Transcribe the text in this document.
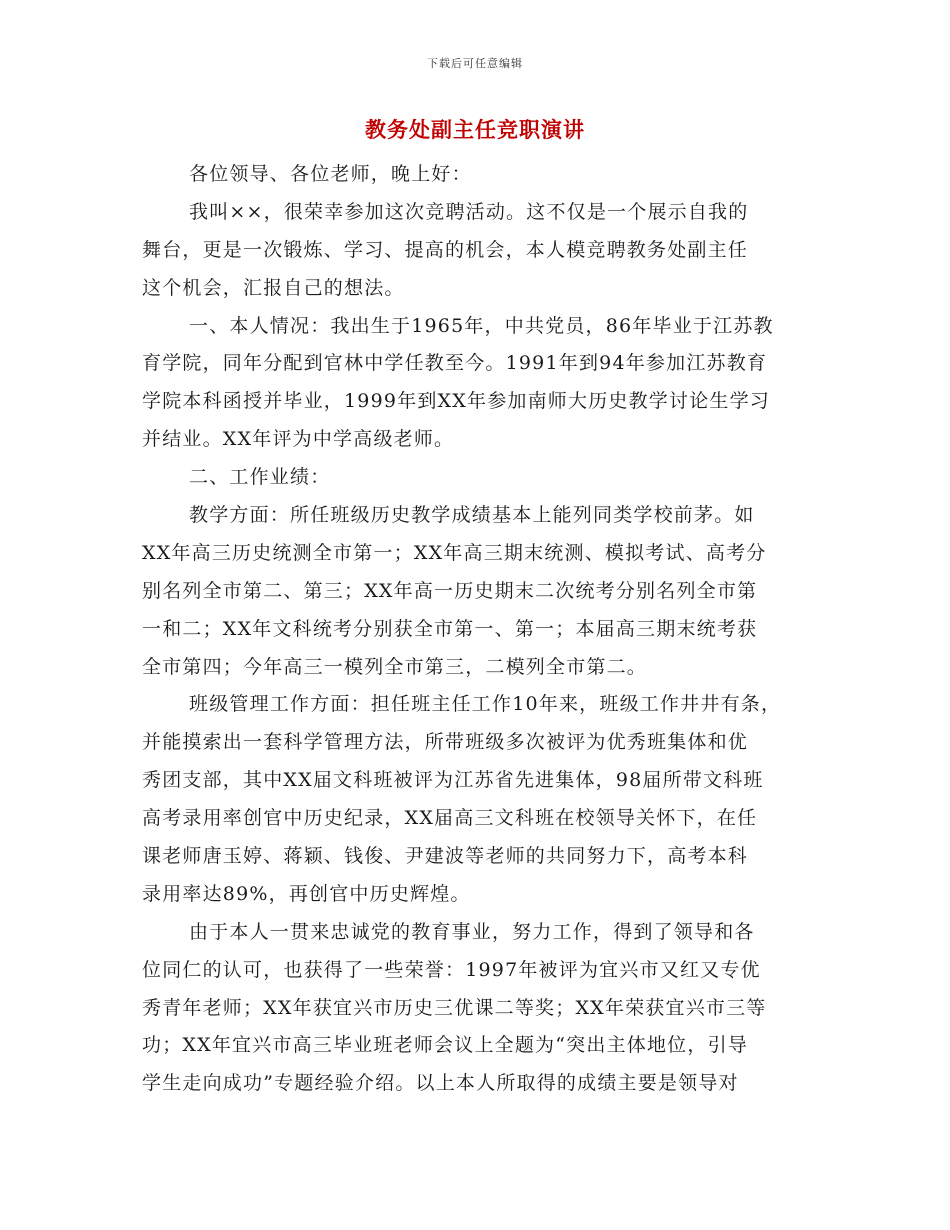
下载后可任意编辑
教务处副主任竞职演讲
各位领导、各位老师，晚上好：
我叫××，很荣幸参加这次竞聘活动。这不仅是一个展示自我的
舞台，更是一次锻炼、学习、提高的机会，本人模竞聘教务处副主任
这个机会，汇报自己的想法。
一、本人情况：我出生于1965年，中共党员，86年毕业于江苏教
育学院，同年分配到官林中学任教至今。1991年到94年参加江苏教育
学院本科函授并毕业，1999年到XX年参加南师大历史教学讨论生学习
并结业。XX年评为中学高级老师。
二、工作业绩：
教学方面：所任班级历史教学成绩基本上能列同类学校前茅。如
XX年高三历史统测全市第一；XX年高三期末统测、模拟考试、高考分
别名列全市第二、第三；XX年高一历史期末二次统考分别名列全市第
一和二；XX年文科统考分别获全市第一、第一；本届高三期末统考获
全市第四；今年高三一模列全市第三，二模列全市第二。
班级管理工作方面：担任班主任工作10年来，班级工作井井有条，
并能摸索出一套科学管理方法，所带班级多次被评为优秀班集体和优
秀团支部，其中XX届文科班被评为江苏省先进集体，98届所带文科班
高考录用率创官中历史纪录，XX届高三文科班在校领导关怀下，在任
课老师唐玉婷、蒋颖、钱俊、尹建波等老师的共同努力下，高考本科
录用率达89%，再创官中历史辉煌。
由于本人一贯来忠诚党的教育事业，努力工作，得到了领导和各
位同仁的认可，也获得了一些荣誉：1997年被评为宜兴市又红又专优
秀青年老师；XX年获宜兴市历史三优课二等奖；XX年荣获宜兴市三等
功；XX年宜兴市高三毕业班老师会议上全题为“突出主体地位，引导
学生走向成功”专题经验介绍。以上本人所取得的成绩主要是领导对
